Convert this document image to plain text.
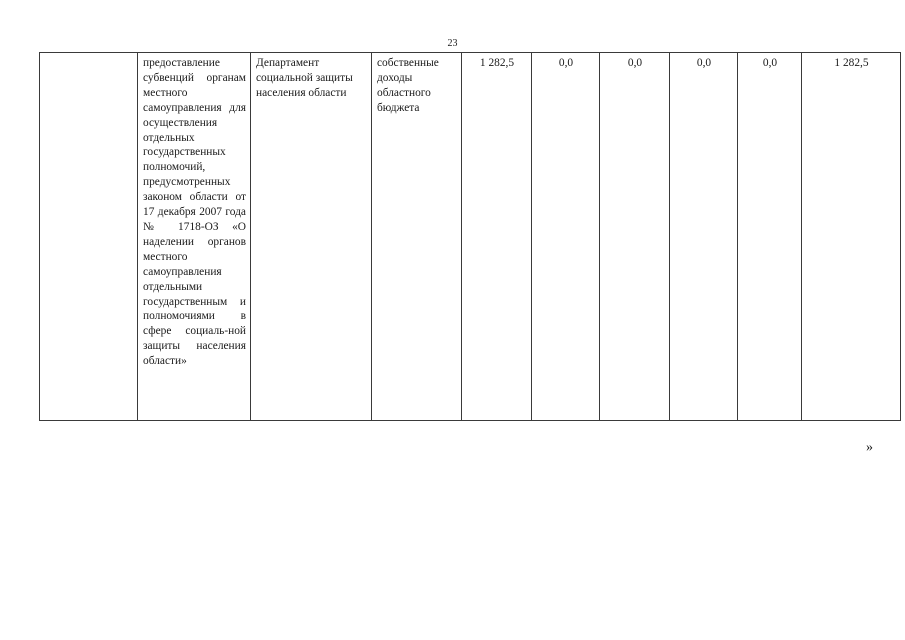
23
	предоставление субвенций органам местного самоуправления для осуществления отдельных государственных полномочий, предусмотренных законом области от 17 декабря 2007 года № 1718-ОЗ «О наделении органов местного самоуправления отдельными государственным и полномочиями в сфере социаль-ной защиты населения области»	Департамент социальной защиты населения области	собственные доходы областного бюджета	1 282,5	0,0	0,0	0,0	0,0	1 282,5
»
